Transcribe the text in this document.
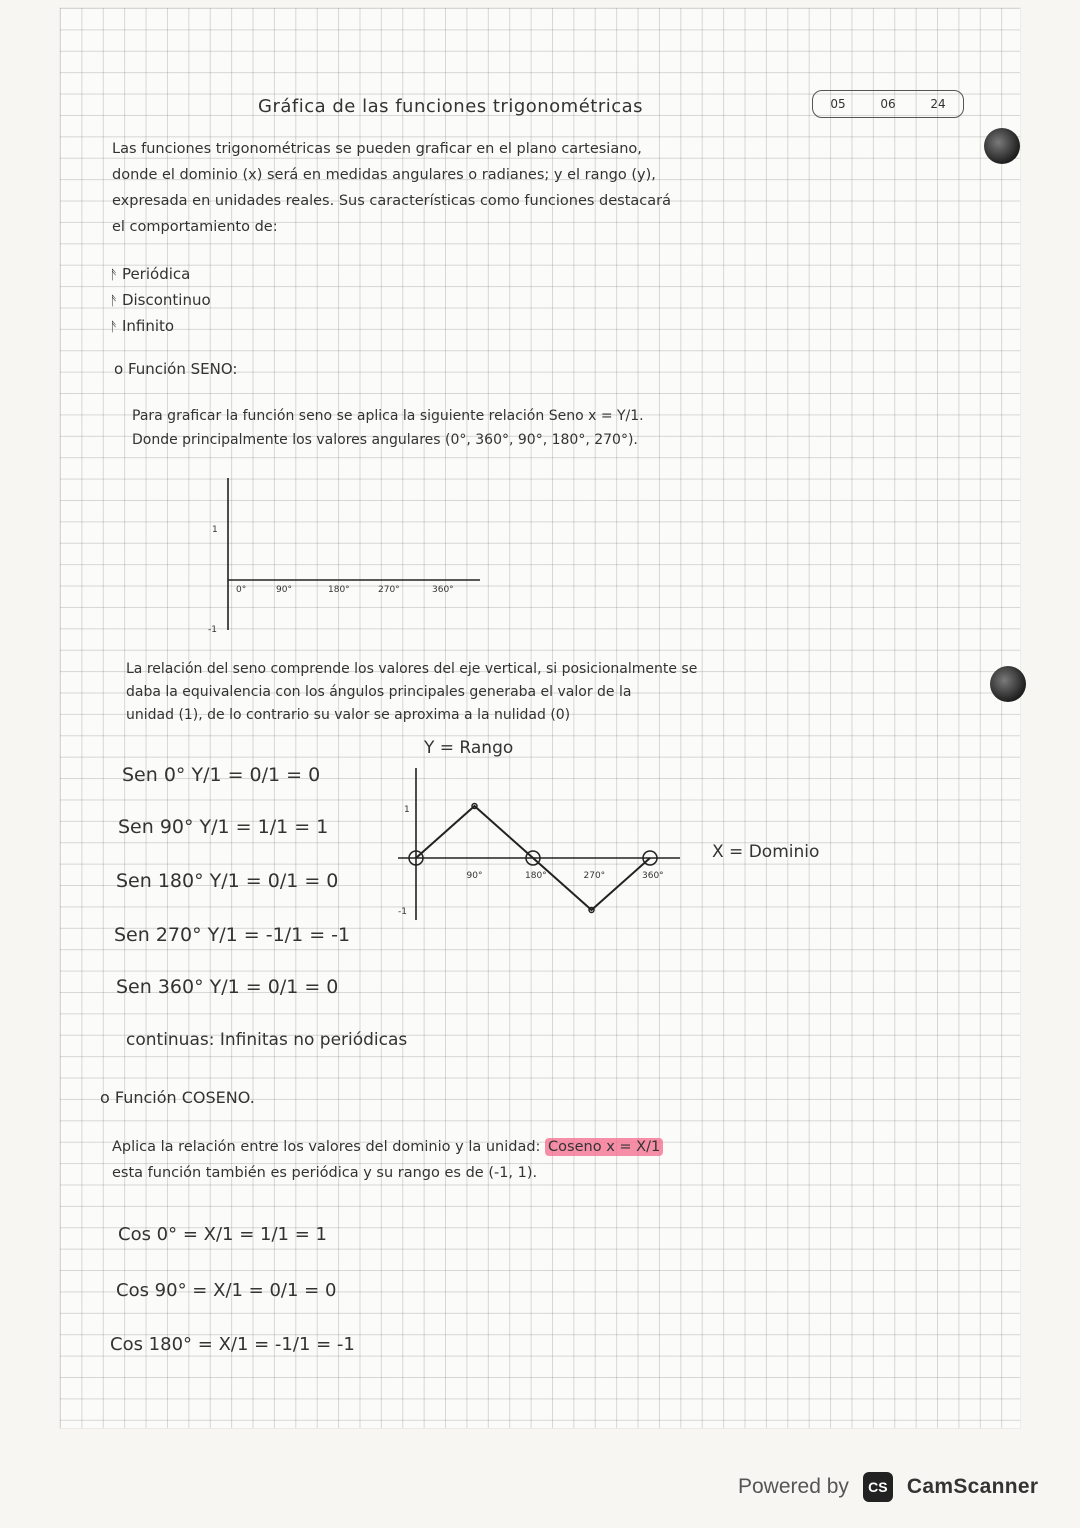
05	06	24
Gráfica de las funciones trigonométricas
Las funciones trigonométricas se pueden graficar en el plano cartesiano,
donde el dominio (x) será en medidas angulares o radianes; y el rango (y),
expresada en unidades reales. Sus características como funciones destacará
el comportamiento de:
ᚫ Periódica
ᚫ Discontinuo
ᚫ Infinito
o Función SENO:
Para graficar la función seno se aplica la siguiente relación Seno x = Y/1.
Donde principalmente los valores angulares (0°, 360°, 90°, 180°, 270°).
1
-1
0°	90°	180°	270°	360°
La relación del seno comprende los valores del eje vertical, si posicionalmente se
daba la equivalencia con los ángulos principales generaba el valor de la
unidad (1), de lo contrario su valor se aproxima a la nulidad (0)
Y = Rango
Sen 0° Y/1 = 0/1 = 0
Sen 90° Y/1 = 1/1 = 1
Sen 180° Y/1 = 0/1 = 0
Sen 270° Y/1 = -1/1 = -1
Sen 360° Y/1 = 0/1 = 0
1
-1
90°	180°	270°	360°
X = Dominio
continuas: Infinitas no periódicas
o Función COSENO.
Aplica la relación entre los valores del dominio y la unidad: Coseno x = X/1
esta función también es periódica y su rango es de (-1, 1).
Cos 0° = X/1 = 1/1 = 1
Cos 90° = X/1 = 0/1 = 0
Cos 180° = X/1 = -1/1 = -1
Powered by	CS CamScanner
